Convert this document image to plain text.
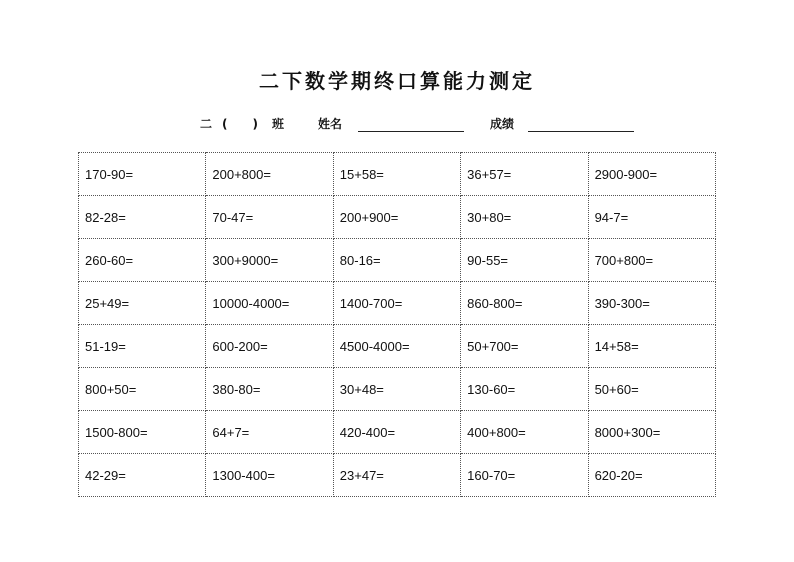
二下数学期终口算能力测定
二 (      ) 班	姓名	成绩
170-90=	200+800=	15+58=	36+57=	2900-900=
82-28=	70-47=	200+900=	30+80=	94-7=
260-60=	300+9000=	80-16=	90-55=	700+800=
25+49=	10000-4000=	1400-700=	860-800=	390-300=
51-19=	600-200=	4500-4000=	50+700=	14+58=
800+50=	380-80=	30+48=	130-60=	50+60=
1500-800=	64+7=	420-400=	400+800=	8000+300=
42-29=	1300-400=	23+47=	160-70=	620-20=
